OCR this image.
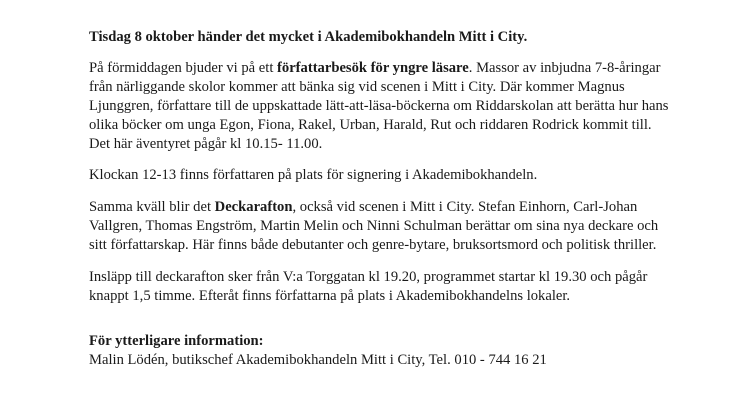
Tisdag 8 oktober händer det mycket i Akademibokhandeln Mitt i City.

På förmiddagen bjuder vi på ett författarbesök för yngre läsare. Massor av inbjudna 7-8-åringar från närliggande skolor kommer att bänka sig vid scenen i Mitt i City. Där kommer Magnus Ljunggren, författare till de uppskattade lätt-att-läsa-böckerna om Riddarskolan att berätta hur hans olika böcker om unga Egon, Fiona, Rakel, Urban, Harald, Rut och riddaren Rodrick kommit till. Det här äventyret pågår kl 10.15- 11.00.

Klockan 12-13 finns författaren på plats för signering i Akademibokhandeln.

Samma kväll blir det Deckarafton, också vid scenen i Mitt i City. Stefan Einhorn, Carl-Johan Vallgren, Thomas Engström, Martin Melin och Ninni Schulman berättar om sina nya deckare och sitt författarskap. Här finns både debutanter och genre-bytare, bruksortsmord och politisk thriller.

Insläpp till deckarafton sker från V:a Torggatan kl 19.20, programmet startar kl 19.30 och pågår knappt 1,5 timme. Efteråt finns författarna på plats i Akademibokhandelns lokaler.

För ytterligare information:
Malin Lödén, butikschef Akademibokhandeln Mitt i City, Tel. 010 - 744 16 21
